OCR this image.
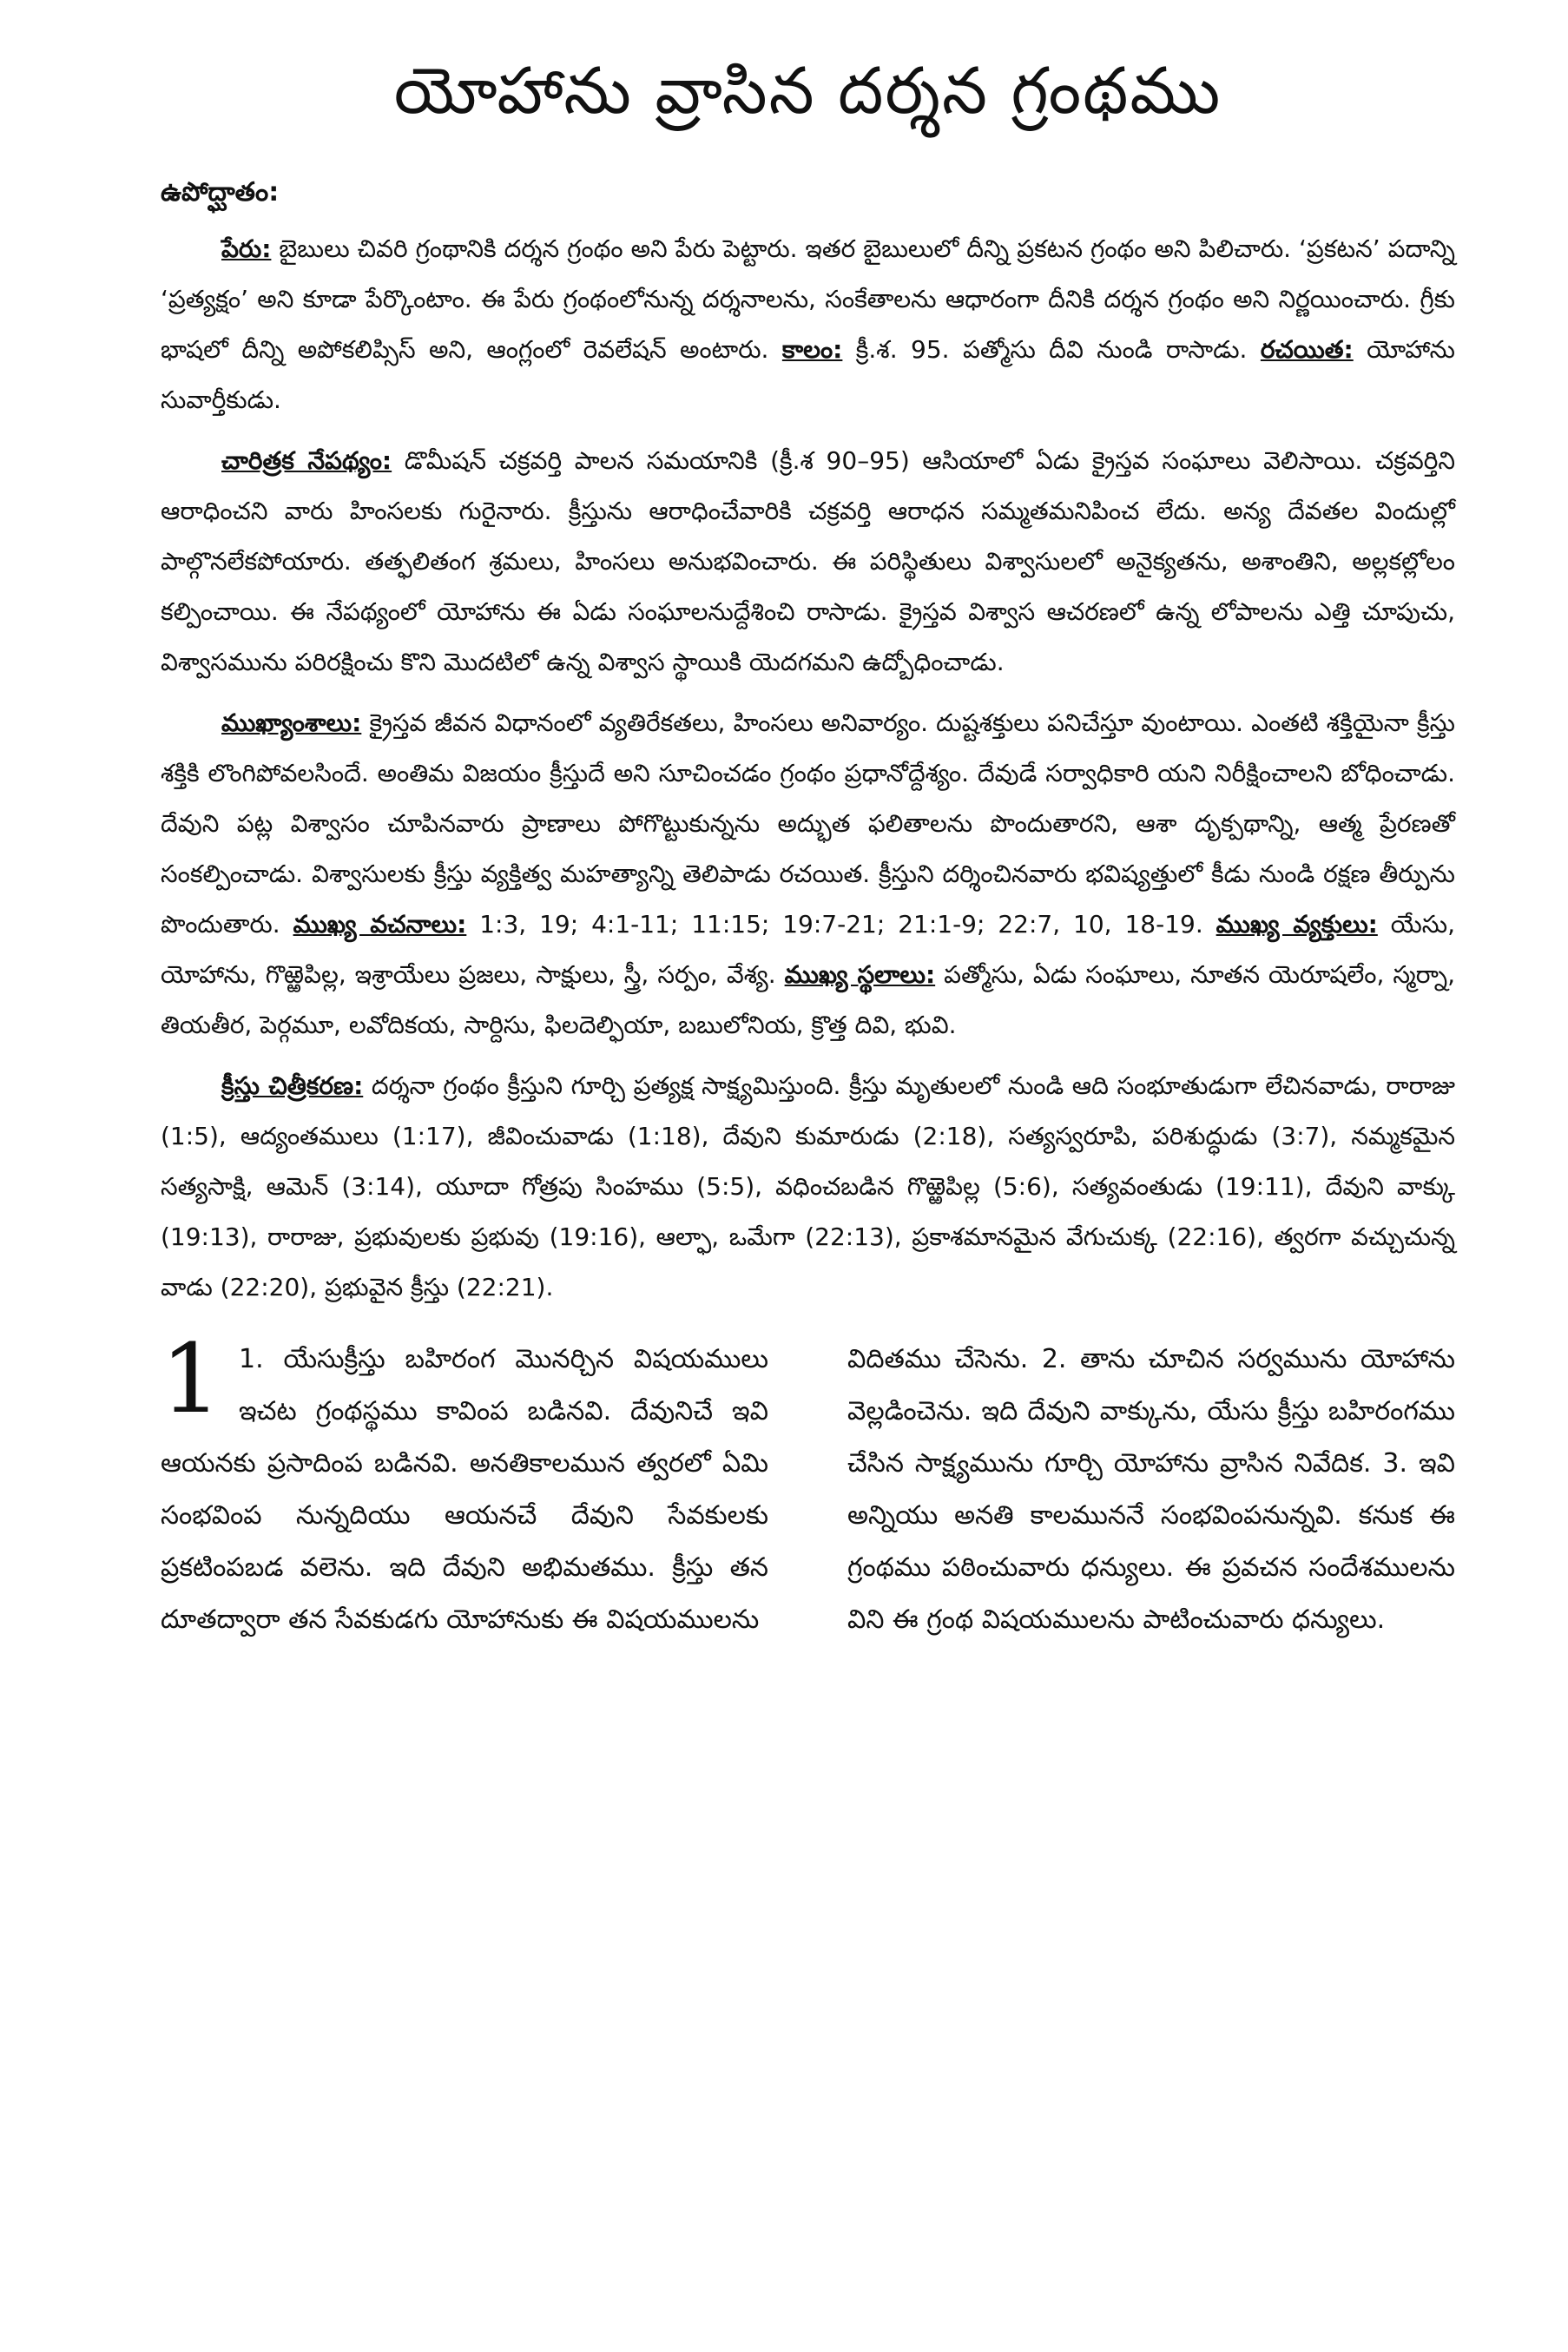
యోహాను వ్రాసిన దర్శన గ్రంథము
ఉపోద్ఘాతం:

పేరు: బైబులు చివరి గ్రంథానికి దర్శన గ్రంథం అని పేరు పెట్టారు. ఇతర బైబులులో దీన్ని ప్రకటన గ్రంథం అని పిలిచారు. ‘ప్రకటన’ పదాన్ని ‘ప్రత్యక్షం’ అని కూడా పేర్కొంటాం. ఈ పేరు గ్రంథంలోనున్న దర్శనాలను, సంకేతాలను ఆధారంగా దీనికి దర్శన గ్రంథం అని నిర్ణయించారు. గ్రీకు భాషలో దీన్ని అపోకలిప్సిస్ అని, ఆంగ్లంలో రెవలేషన్ అంటారు. కాలం: క్రీ.శ. 95. పత్మోసు దీవి నుండి రాసాడు. రచయిత: యోహాను సువార్తీకుడు.

చారిత్రక నేపథ్యం: డొమీషన్ చక్రవర్తి పాలన సమయానికి (క్రీ.శ 90–95) ఆసియాలో ఏడు క్రైస్తవ సంఘాలు వెలిసాయి. చక్రవర్తిని ఆరాధించని వారు హింసలకు గురైనారు. క్రీస్తును ఆరాధించేవారికి చక్రవర్తి ఆరాధన సమ్మతమనిపించ లేదు. అన్య దేవతల విందుల్లో పాల్గొనలేకపోయారు. తత్ఫలితంగ శ్రమలు, హింసలు అనుభవించారు. ఈ పరిస్థితులు విశ్వాసులలో అనైక్యతను, అశాంతిని, అల్లకల్లోలం కల్పించాయి. ఈ నేపథ్యంలో యోహాను ఈ ఏడు సంఘాలనుద్దేశించి రాసాడు. క్రైస్తవ విశ్వాస ఆచరణలో ఉన్న లోపాలను ఎత్తి చూపుచు, విశ్వాసమును పరిరక్షించు కొని మొదటిలో ఉన్న విశ్వాస స్థాయికి యెదగమని ఉద్బోధించాడు.

ముఖ్యాంశాలు: క్రైస్తవ జీవన విధానంలో వ్యతిరేకతలు, హింసలు అనివార్యం. దుష్టశక్తులు పనిచేస్తూ వుంటాయి. ఎంతటి శక్తియైనా క్రీస్తు శక్తికి లొంగిపోవలసిందే. అంతిమ విజయం క్రీస్తుదే అని సూచించడం గ్రంథం ప్రధానోద్దేశ్యం. దేవుడే సర్వాధికారి యని నిరీక్షించాలని బోధించాడు. దేవుని పట్ల విశ్వాసం చూపినవారు ప్రాణాలు పోగొట్టుకున్నను అద్భుత ఫలితాలను పొందుతారని, ఆశా దృక్పథాన్ని, ఆత్మ ప్రేరణతో సంకల్పించాడు. విశ్వాసులకు క్రీస్తు వ్యక్తిత్వ మహత్యాన్ని తెలిపాడు రచయిత. క్రీస్తుని దర్శించినవారు భవిష్యత్తులో కీడు నుండి రక్షణ తీర్పును పొందుతారు. ముఖ్య వచనాలు: 1:3, 19; 4:1-11; 11:15; 19:7-21; 21:1-9; 22:7, 10, 18-19. ముఖ్య వ్యక్తులు: యేసు, యోహాను, గొఱ్ఱెపిల్ల, ఇశ్రాయేలు ప్రజలు, సాక్షులు, స్త్రీ, సర్పం, వేశ్య. ముఖ్య స్థలాలు: పత్మోసు, ఏడు సంఘాలు, నూతన యెరూషలేం, స్మర్నా, తియతీర, పెర్గమూ, లవోదికయ, సార్దిసు, ఫిలదెల్ఫియా, బబులోనియ, క్రొత్త దివి, భువి.

క్రీస్తు చిత్రీకరణ: దర్శనా గ్రంథం క్రీస్తుని గూర్చి ప్రత్యక్ష సాక్ష్యమిస్తుంది. క్రీస్తు మృతులలో నుండి ఆది సంభూతుడుగా లేచినవాడు, రారాజు (1:5), ఆద్యంతములు (1:17), జీవించువాడు (1:18), దేవుని కుమారుడు (2:18), సత్యస్వరూపి, పరిశుద్ధుడు (3:7), నమ్మకమైన సత్యసాక్షి, ఆమెన్ (3:14), యూదా గోత్రపు సింహము (5:5), వధించబడిన గొఱ్ఱెపిల్ల (5:6), సత్యవంతుడు (19:11), దేవుని వాక్కు (19:13), రారాజు, ప్రభువులకు ప్రభువు (19:16), ఆల్ఫా, ఒమేగా (22:13), ప్రకాశమానమైన వేగుచుక్క (22:16), త్వరగా వచ్చుచున్న వాడు (22:20), ప్రభువైన క్రీస్తు (22:21).

1 1. యేసుక్రీస్తు బహిరంగ మొనర్చిన విషయములు ఇచట గ్రంథస్థము కావింప బడినవి. దేవునిచే ఇవి ఆయనకు ప్రసాదింప బడినవి. అనతికాలమున త్వరలో ఏమి సంభవింప నున్నదియు ఆయనచే దేవుని సేవకులకు ప్రకటింపబడ వలెను. ఇది దేవుని అభిమతము. క్రీస్తు తన దూతద్వారా తన సేవకుడగు యోహానుకు ఈ విషయములను
విదితము చేసెను. 2. తాను చూచిన సర్వమును యోహాను వెల్లడించెను. ఇది దేవుని వాక్కును, యేసు క్రీస్తు బహిరంగము చేసిన సాక్ష్యమును గూర్చి యోహాను వ్రాసిన నివేదిక. 3. ఇవి అన్నియు అనతి కాలముననే సంభవింపనున్నవి. కనుక ఈ గ్రంథము పఠించువారు ధన్యులు. ఈ ప్రవచన సందేశములను విని ఈ గ్రంథ విషయములను పాటించువారు ధన్యులు.
